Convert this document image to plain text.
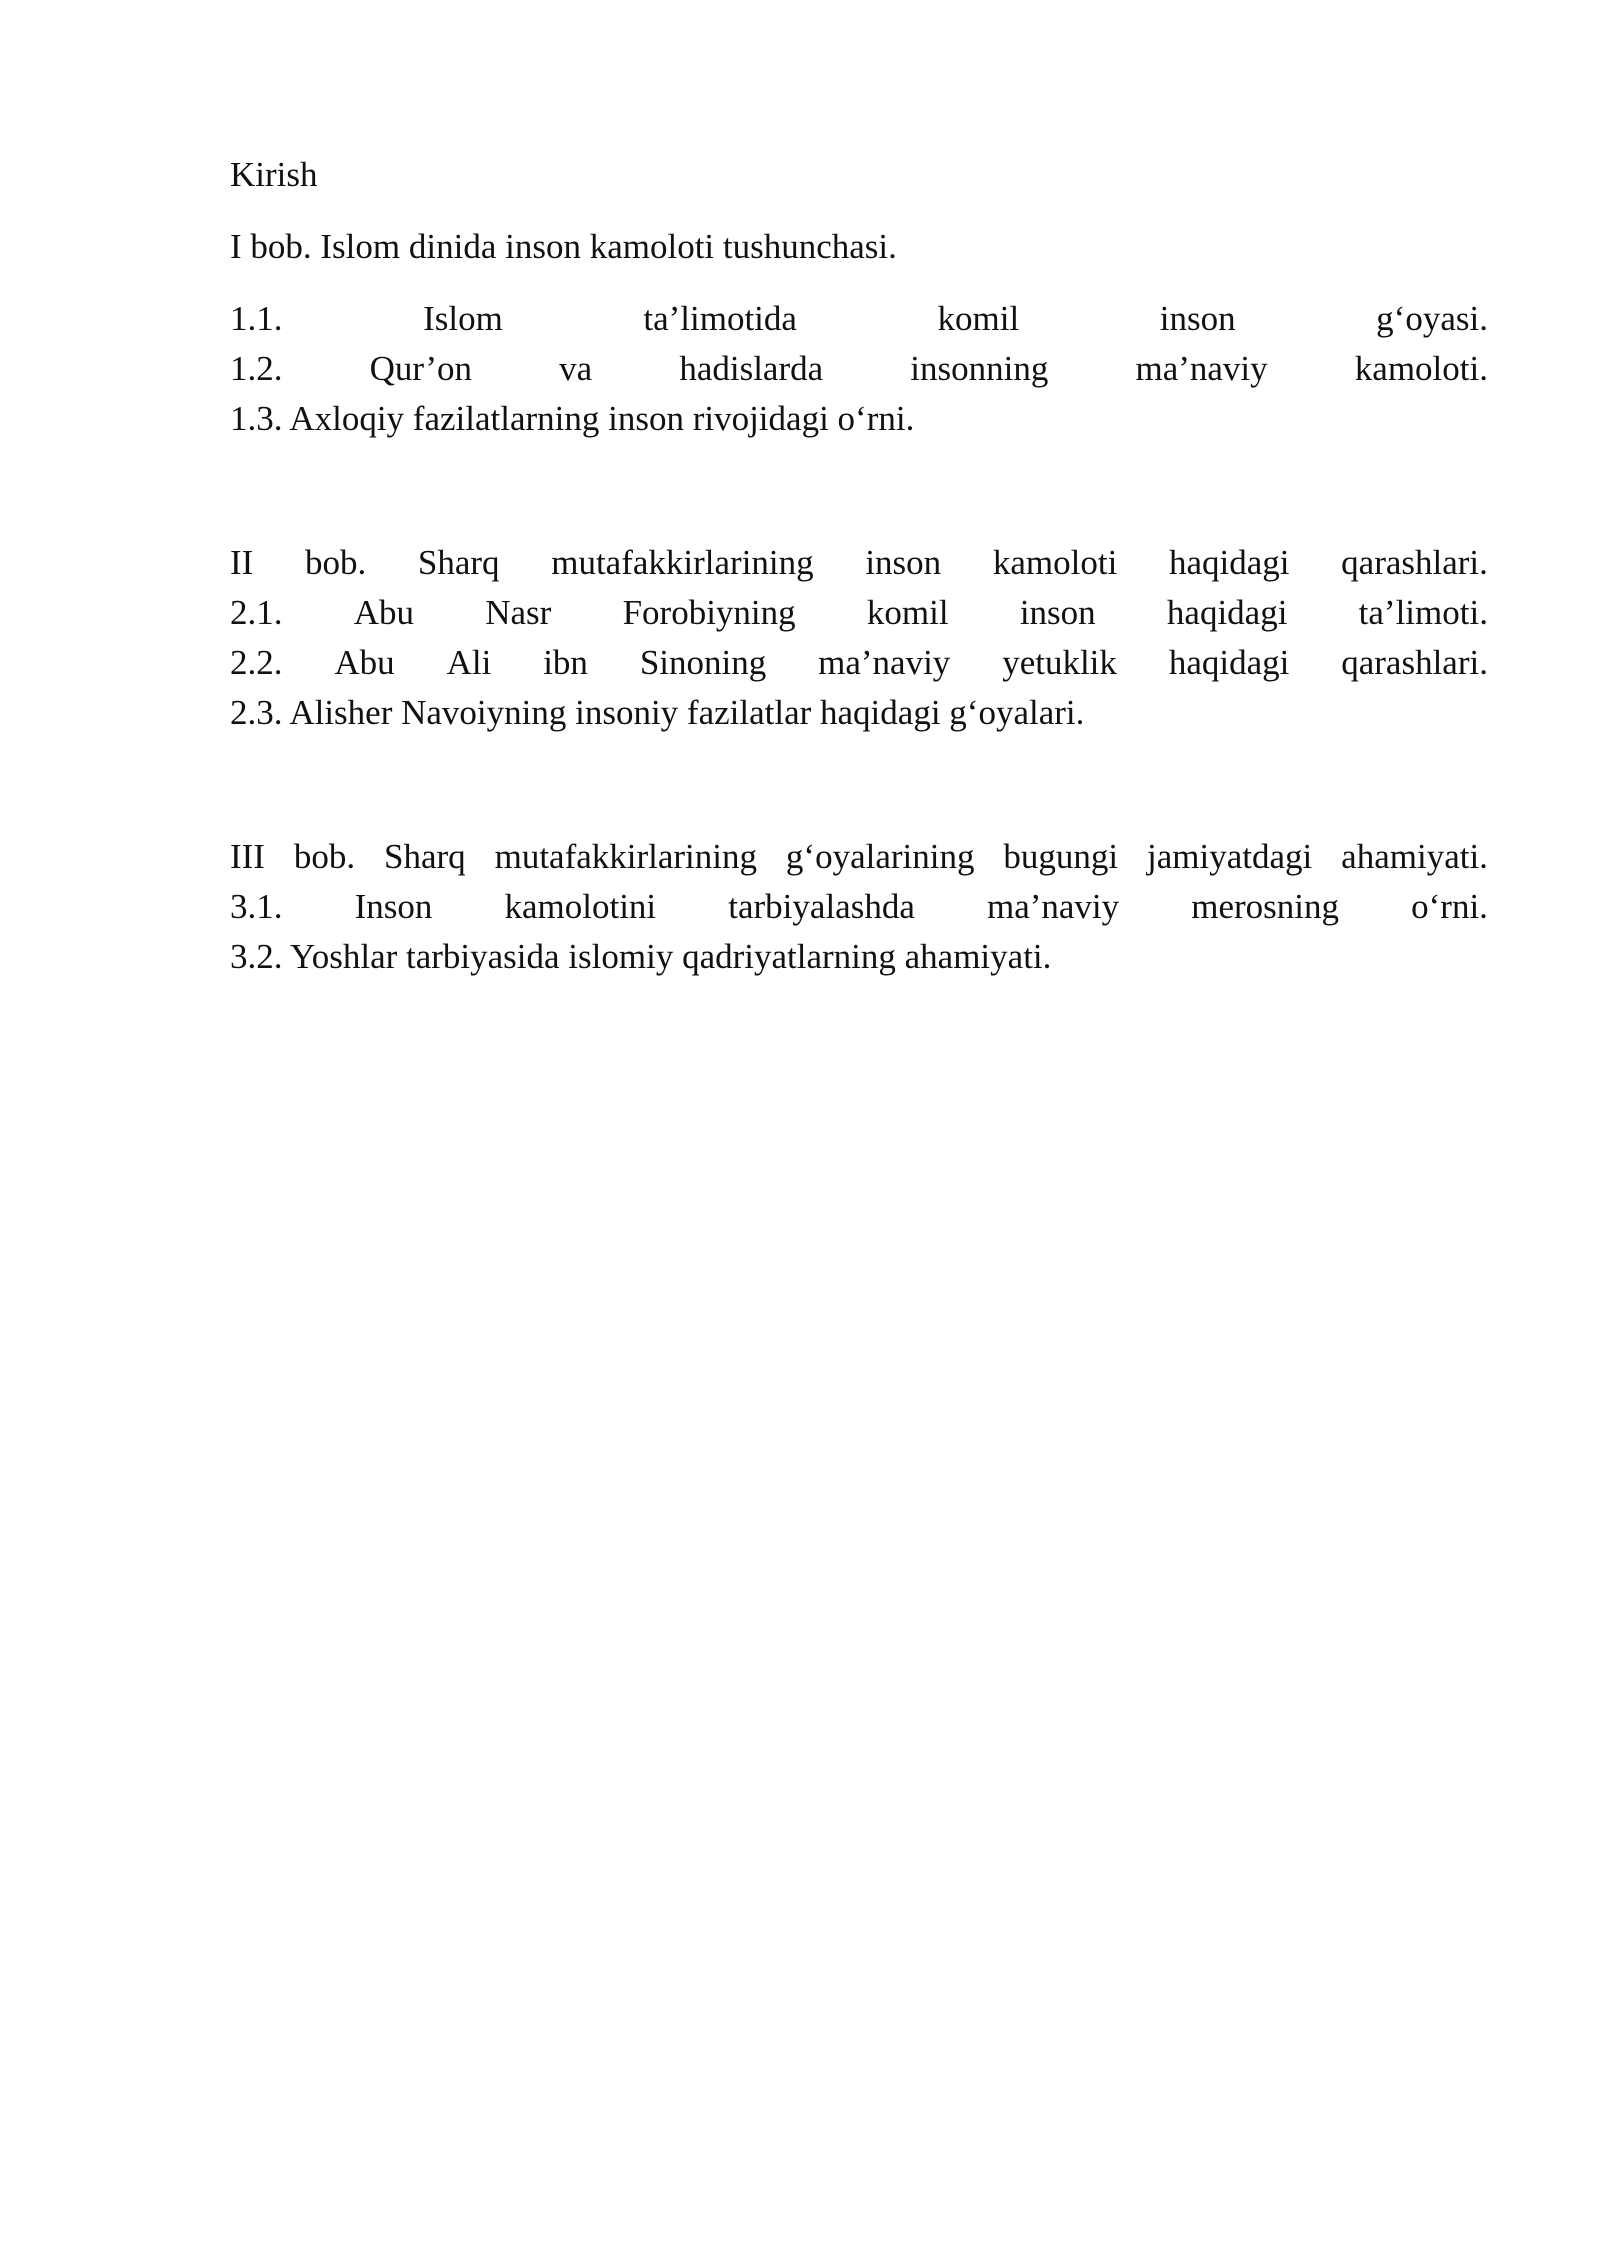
Kirish

I bob. Islom dinida inson kamoloti tushunchasi.

1.1.	Islom	ta’limotida	komil	inson	g‘oyasi.
1.2. Qur’on va hadislarda insonning ma’naviy kamoloti.
1.3. Axloqiy fazilatlarning inson rivojidagi o‘rni.
II bob. Sharq mutafakkirlarining inson kamoloti haqidagi qarashlari.
2.1. Abu Nasr Forobiyning komil inson haqidagi ta’limoti.
2.2. Abu Ali ibn Sinoning ma’naviy yetuklik haqidagi qarashlari.
2.3. Alisher Navoiyning insoniy fazilatlar haqidagi g‘oyalari.
III bob. Sharq mutafakkirlarining g‘oyalarining bugungi jamiyatdagi ahamiyati.
3.1. Inson kamolotini tarbiyalashda ma’naviy merosning o‘rni.
3.2. Yoshlar tarbiyasida islomiy qadriyatlarning ahamiyati.
